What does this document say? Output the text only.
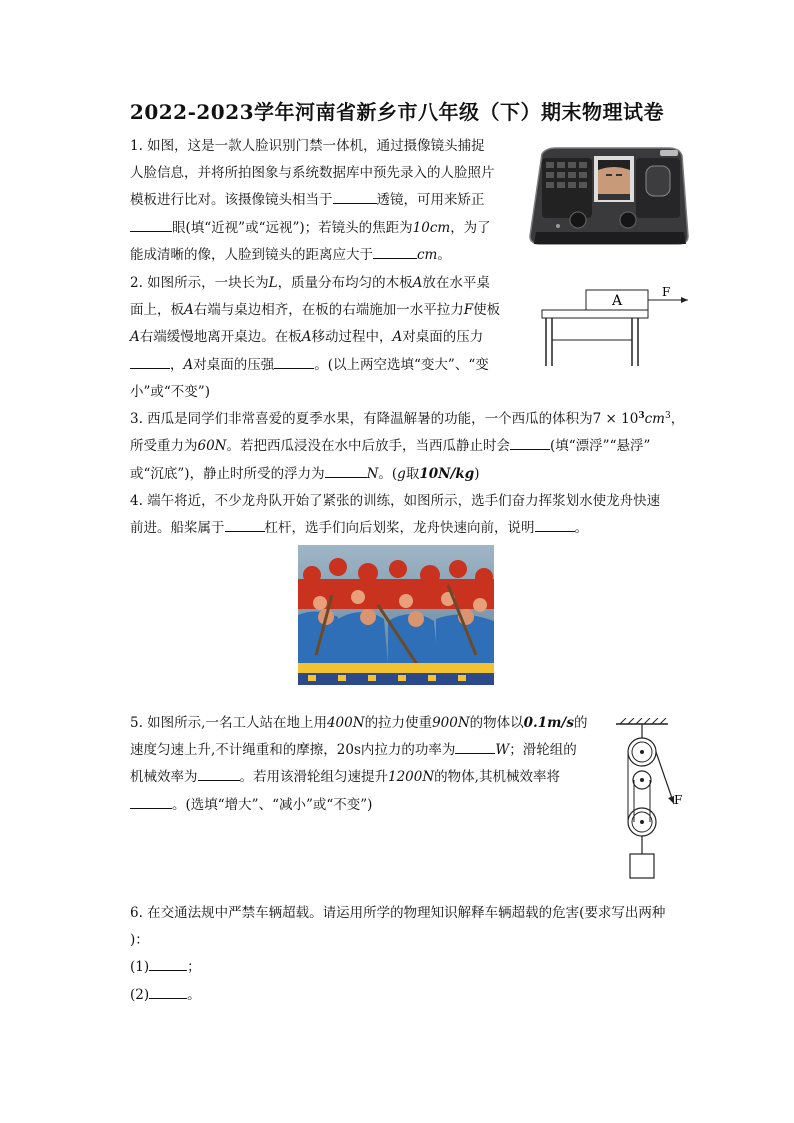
2022-2023学年河南省新乡市八年级（下）期末物理试卷
1. 如图，这是一款人脸识别门禁一体机，通过摄像镜头捕捉
人脸信息，并将所拍图象与系统数据库中预先录入的人脸照片
模板进行比对。该摄像镜头相当于	透镜，可用来矫正
眼(填“近视”或“远视”)；若镜头的焦距为10cm，为了
能成清晰的像，人脸到镜头的距离应大于	cm。
2. 如图所示，一块长为L，质量分布均匀的木板A放在水平桌
面上，板A右端与桌边相齐，在板的右端施加一水平拉力F使板
A右端缓慢地离开桌边。在板A移动过程中，A对桌面的压力
，A对桌面的压强	。(以上两空选填“变大”、“变
小”或“不变”)
A
F
3. 西瓜是同学们非常喜爱的夏季水果，有降温解暑的功能，一个西瓜的体积为$7 \times 10^3cm^3$，
所受重力为60N。若把西瓜浸没在水中后放手，当西瓜静止时会	(填“漂浮”“悬浮”
或“沉底”)，静止时所受的浮力为	N。(g取10N/kg)
4. 端午将近，不少龙舟队开始了紧张的训练，如图所示，选手们奋力挥浆划水使龙舟快速
前进。船桨属于	杠杆，选手们向后划桨，龙舟快速向前，说明	。
5. 如图所示,一名工人站在地上用400N的拉力使重900N的物体以0.1m/s的
速度匀速上升,不计绳重和的摩擦，20s内拉力的功率为	W；滑轮组的
机械效率为	。若用该滑轮组匀速提升1200N的物体,其机械效率将
。(选填“增大”、“减小”或“不变”)	F
6. 在交通法规中严禁车辆超载。请运用所学的物理知识解释车辆超载的危害(要求写出两种
)：
(1)	；
(2)	。
